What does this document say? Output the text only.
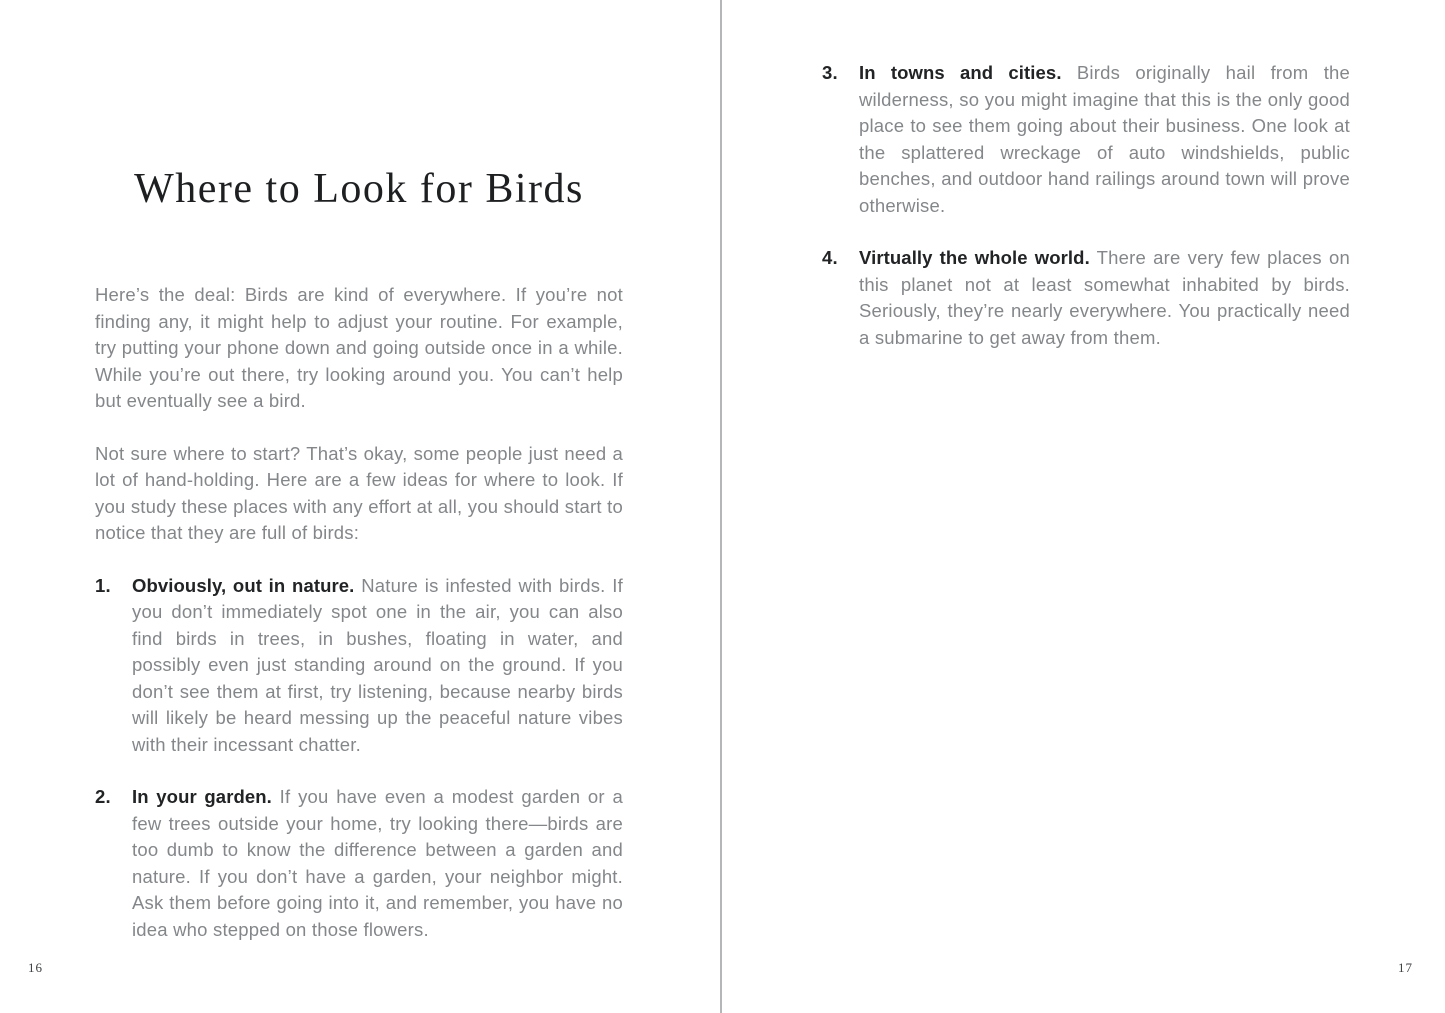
Where to Look for Birds

Here’s the deal: Birds are kind of everywhere. If you’re not finding any, it might help to adjust your routine. For example, try putting your phone down and going outside once in a while. While you’re out there, try looking around you. You can’t help but eventually see a bird.

Not sure where to start? That’s okay, some people just need a lot of hand-holding. Here are a few ideas for where to look. If you study these places with any effort at all, you should start to notice that they are full of birds:

1.	Obviously, out in nature. Nature is infested with birds. If you don’t immediately spot one in the air, you can also find birds in trees, in bushes, floating in water, and possibly even just standing around on the ground. If you don’t see them at first, try listening, because nearby birds will likely be heard messing up the peaceful nature vibes with their incessant chatter.

2.	In your garden. If you have even a modest garden or a few trees outside your home, try looking there—birds are too dumb to know the difference between a garden and nature. If you don’t have a garden, your neighbor might. Ask them before going into it, and remember, you have no idea who stepped on those flowers.

16
3.	In towns and cities. Birds originally hail from the wilderness, so you might imagine that this is the only good place to see them going about their business. One look at the splattered wreckage of auto windshields, public benches, and outdoor hand railings around town will prove otherwise.

4.	Virtually the whole world. There are very few places on this planet not at least somewhat inhabited by birds. Seriously, they’re nearly everywhere. You practically need a submarine to get away from them.

17
